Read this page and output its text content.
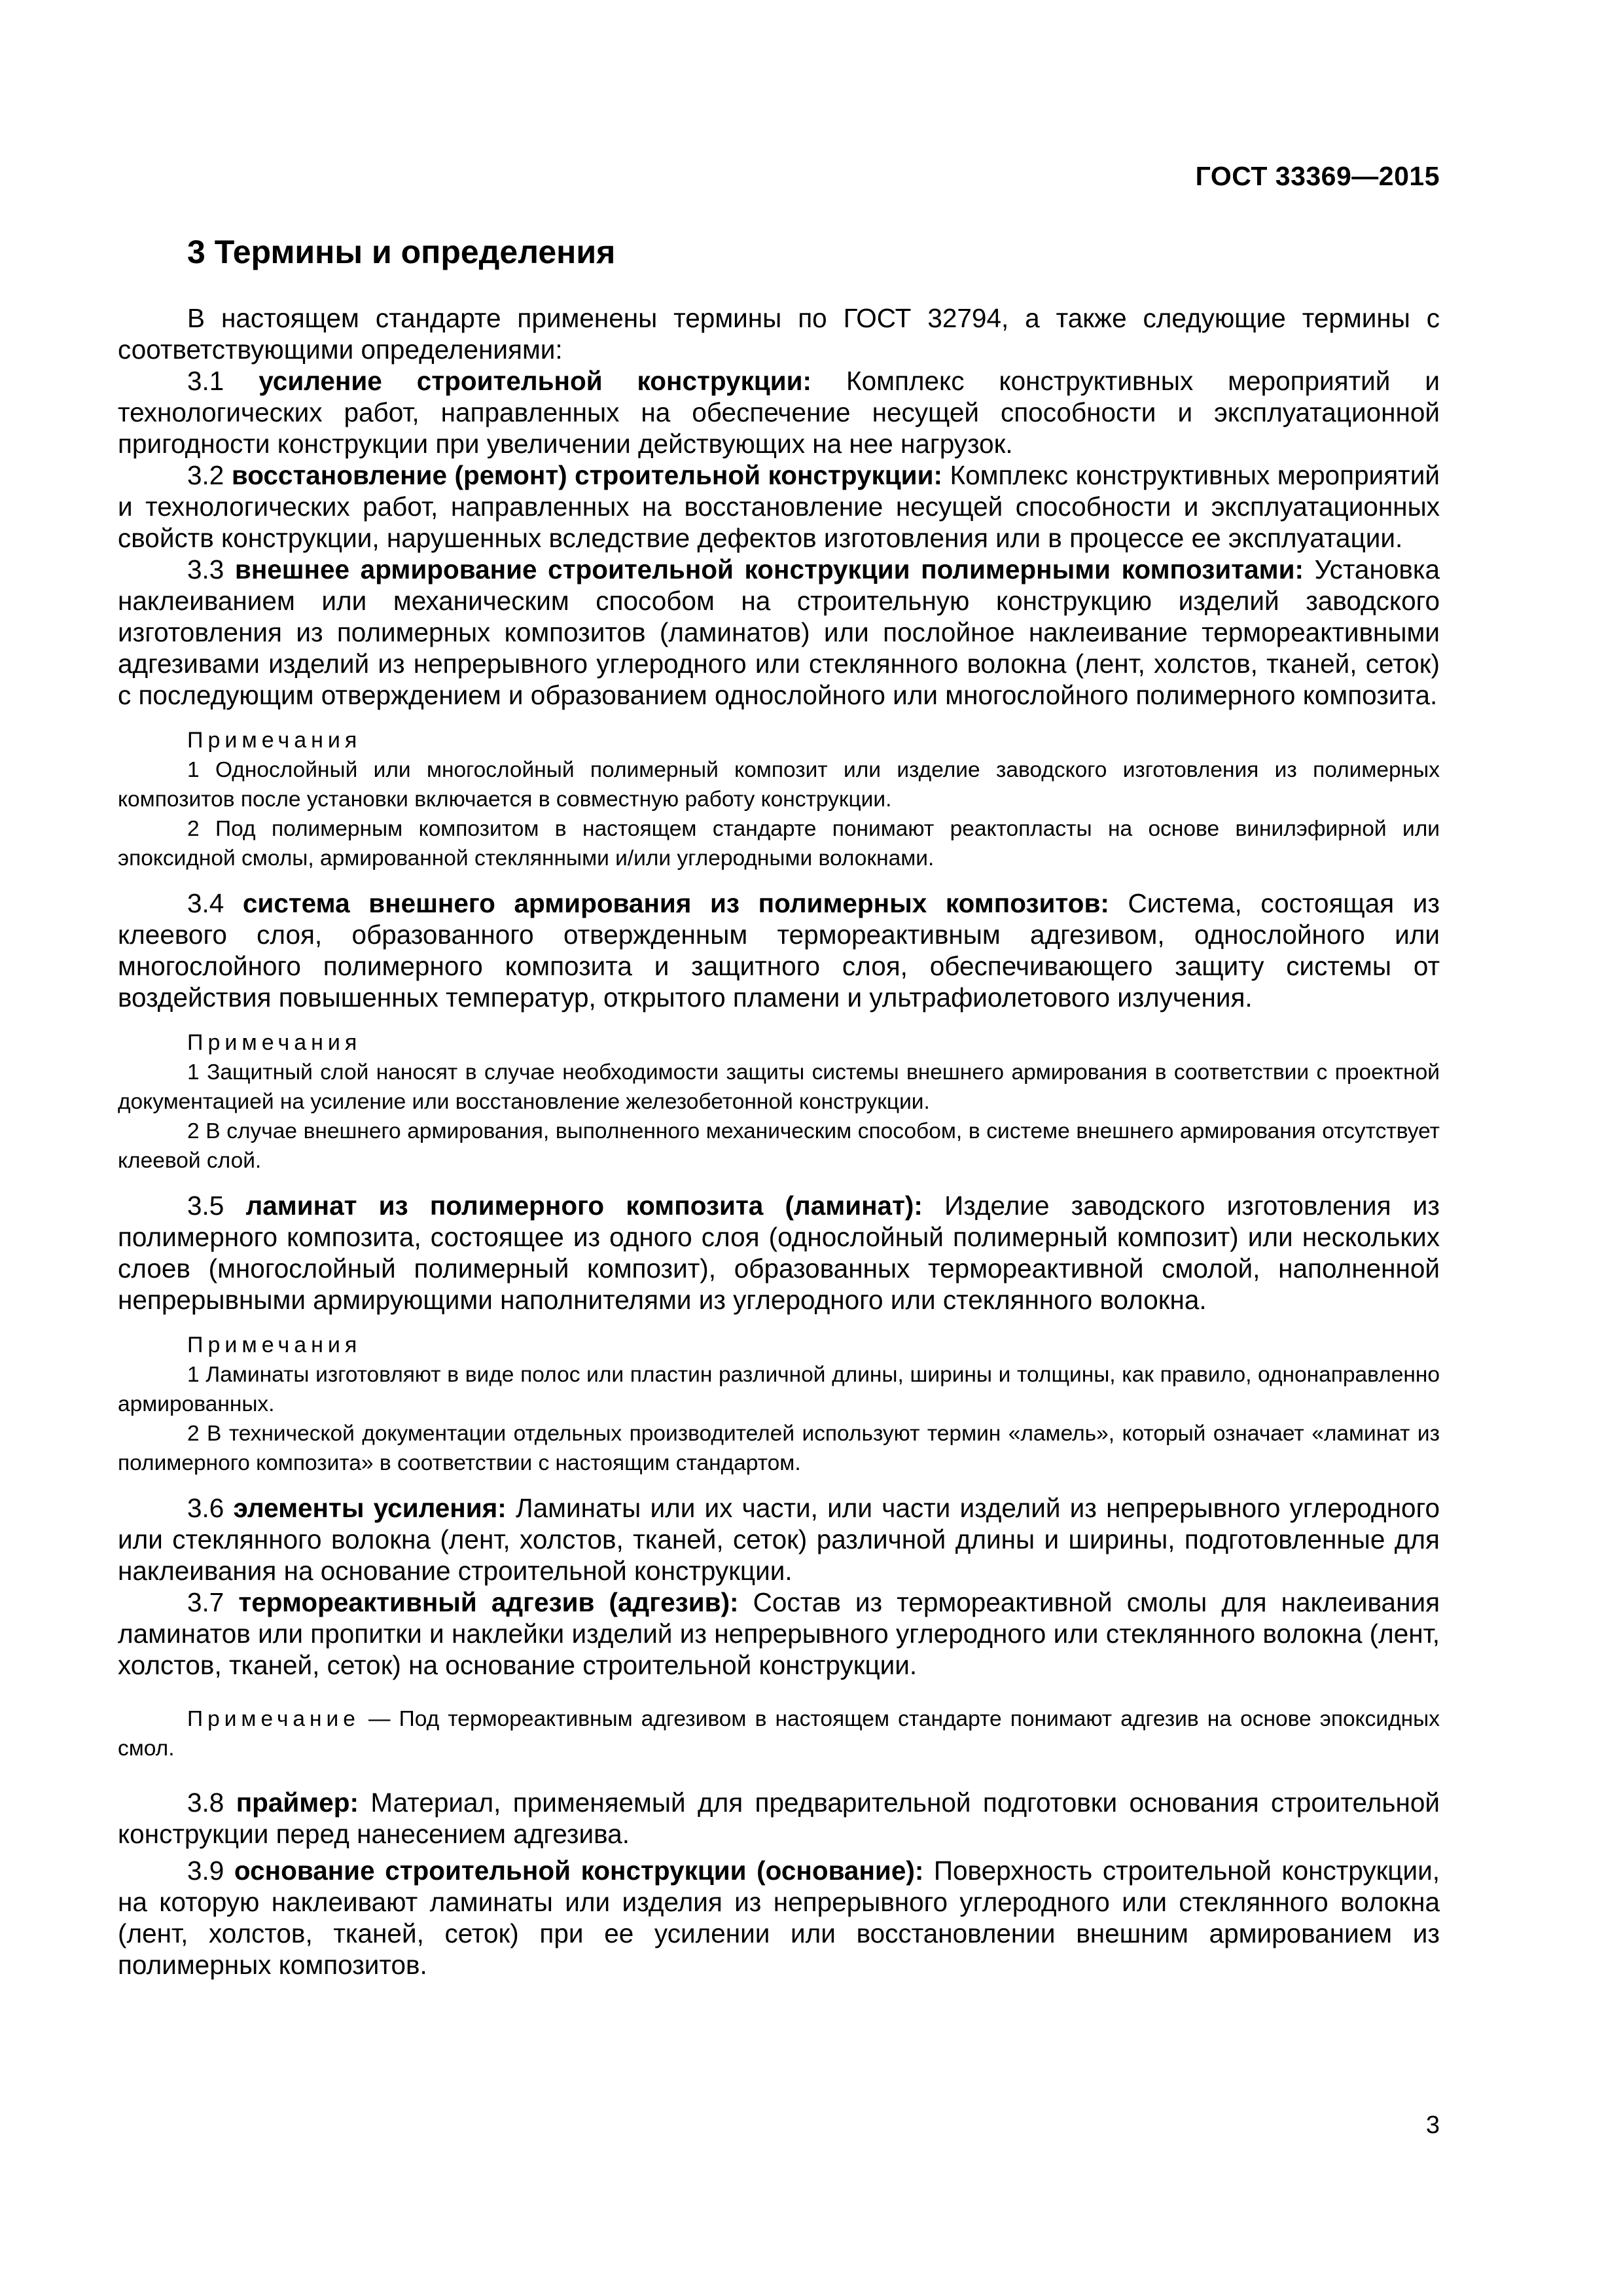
ГОСТ 33369—2015
3 Термины и определения

В настоящем стандарте применены термины по ГОСТ 32794, а также следующие термины с соответствующими определениями:

3.1 усиление строительной конструкции: Комплекс конструктивных мероприятий и технологических работ, направленных на обеспечение несущей способности и эксплуатационной пригодности конструкции при увеличении действующих на нее нагрузок.

3.2 восстановление (ремонт) строительной конструкции: Комплекс конструктивных мероприятий и технологических работ, направленных на восстановление несущей способности и эксплуатационных свойств конструкции, нарушенных вследствие дефектов изготовления или в процессе ее эксплуатации.

3.3 внешнее армирование строительной конструкции полимерными композитами: Установка наклеиванием или механическим способом на строительную конструкцию изделий заводского изготовления из полимерных композитов (ламинатов) или послойное наклеивание термореактивными адгезивами изделий из непрерывного углеродного или стеклянного волокна (лент, холстов, тканей, сеток) с последующим отверждением и образованием однослойного или многослойного полимерного композита.

Примечания

1 Однослойный или многослойный полимерный композит или изделие заводского изготовления из полимерных композитов после установки включается в совместную работу конструкции.

2 Под полимерным композитом в настоящем стандарте понимают реактопласты на основе винилэфирной или эпоксидной смолы, армированной стеклянными и/или углеродными волокнами.

3.4 система внешнего армирования из полимерных композитов: Система, состоящая из клеевого слоя, образованного отвержденным термореактивным адгезивом, однослойного или многослойного полимерного композита и защитного слоя, обеспечивающего защиту системы от воздействия повышенных температур, открытого пламени и ультрафиолетового излучения.

Примечания

1 Защитный слой наносят в случае необходимости защиты системы внешнего армирования в соответствии с проектной документацией на усиление или восстановление железобетонной конструкции.

2 В случае внешнего армирования, выполненного механическим способом, в системе внешнего армирования отсутствует клеевой слой.

3.5 ламинат из полимерного композита (ламинат): Изделие заводского изготовления из полимерного композита, состоящее из одного слоя (однослойный полимерный композит) или нескольких слоев (многослойный полимерный композит), образованных термореактивной смолой, наполненной непрерывными армирующими наполнителями из углеродного или стеклянного волокна.

Примечания

1 Ламинаты изготовляют в виде полос или пластин различной длины, ширины и толщины, как правило, однонаправленно армированных.

2 В технической документации отдельных производителей используют термин «ламель», который означает «ламинат из полимерного композита» в соответствии с настоящим стандартом.

3.6 элементы усиления: Ламинаты или их части, или части изделий из непрерывного углеродного или стеклянного волокна (лент, холстов, тканей, сеток) различной длины и ширины, подготовленные для наклеивания на основание строительной конструкции.

3.7 термореактивный адгезив (адгезив): Состав из термореактивной смолы для наклеивания ламинатов или пропитки и наклейки изделий из непрерывного углеродного или стеклянного волокна (лент, холстов, тканей, сеток) на основание строительной конструкции.

Примечание — Под термореактивным адгезивом в настоящем стандарте понимают адгезив на основе эпоксидных смол.

3.8 праймер: Материал, применяемый для предварительной подготовки основания строительной конструкции перед нанесением адгезива.

3.9 основание строительной конструкции (основание): Поверхность строительной конструкции, на которую наклеивают ламинаты или изделия из непрерывного углеродного или стеклянного волокна (лент, холстов, тканей, сеток) при ее усилении или восстановлении внешним армированием из полимерных композитов.

3
